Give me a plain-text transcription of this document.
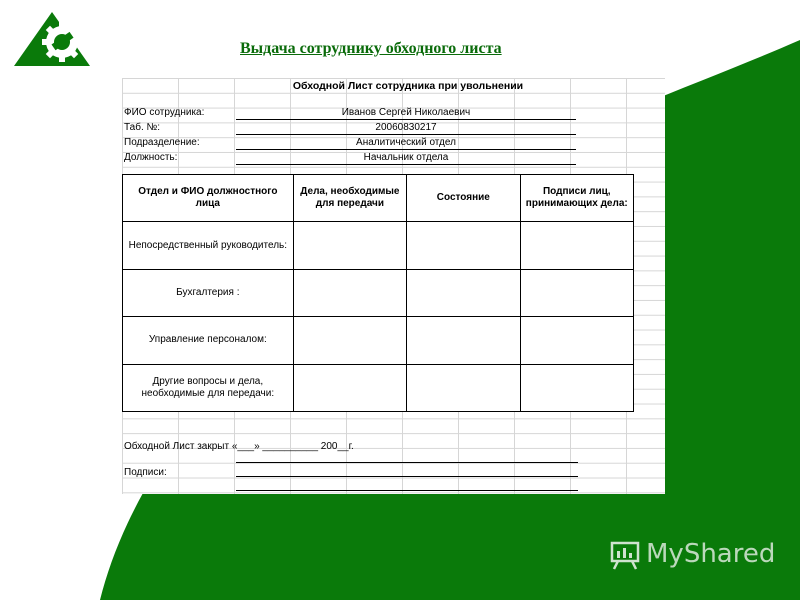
Выдача сотруднику обходного листа
Обходной Лист сотрудника при увольнении
ФИО сотрудника:	Иванов Сергей Николаевич
Таб. №:	20060830217
Подразделение:	Аналитический отдел
Должность:	Начальник отдела
Отдел и ФИО должностного лица	Дела, необходимые для передачи	Состояние	Подписи лиц, принимающих дела:
Непосредственный руководитель:			
Бухгалтерия :			
Управление персоналом:			
Другие вопросы и дела, необходимые для передачи:			
Обходной Лист закрыт «___» __________ 200__г.
Подписи:
MyShared
